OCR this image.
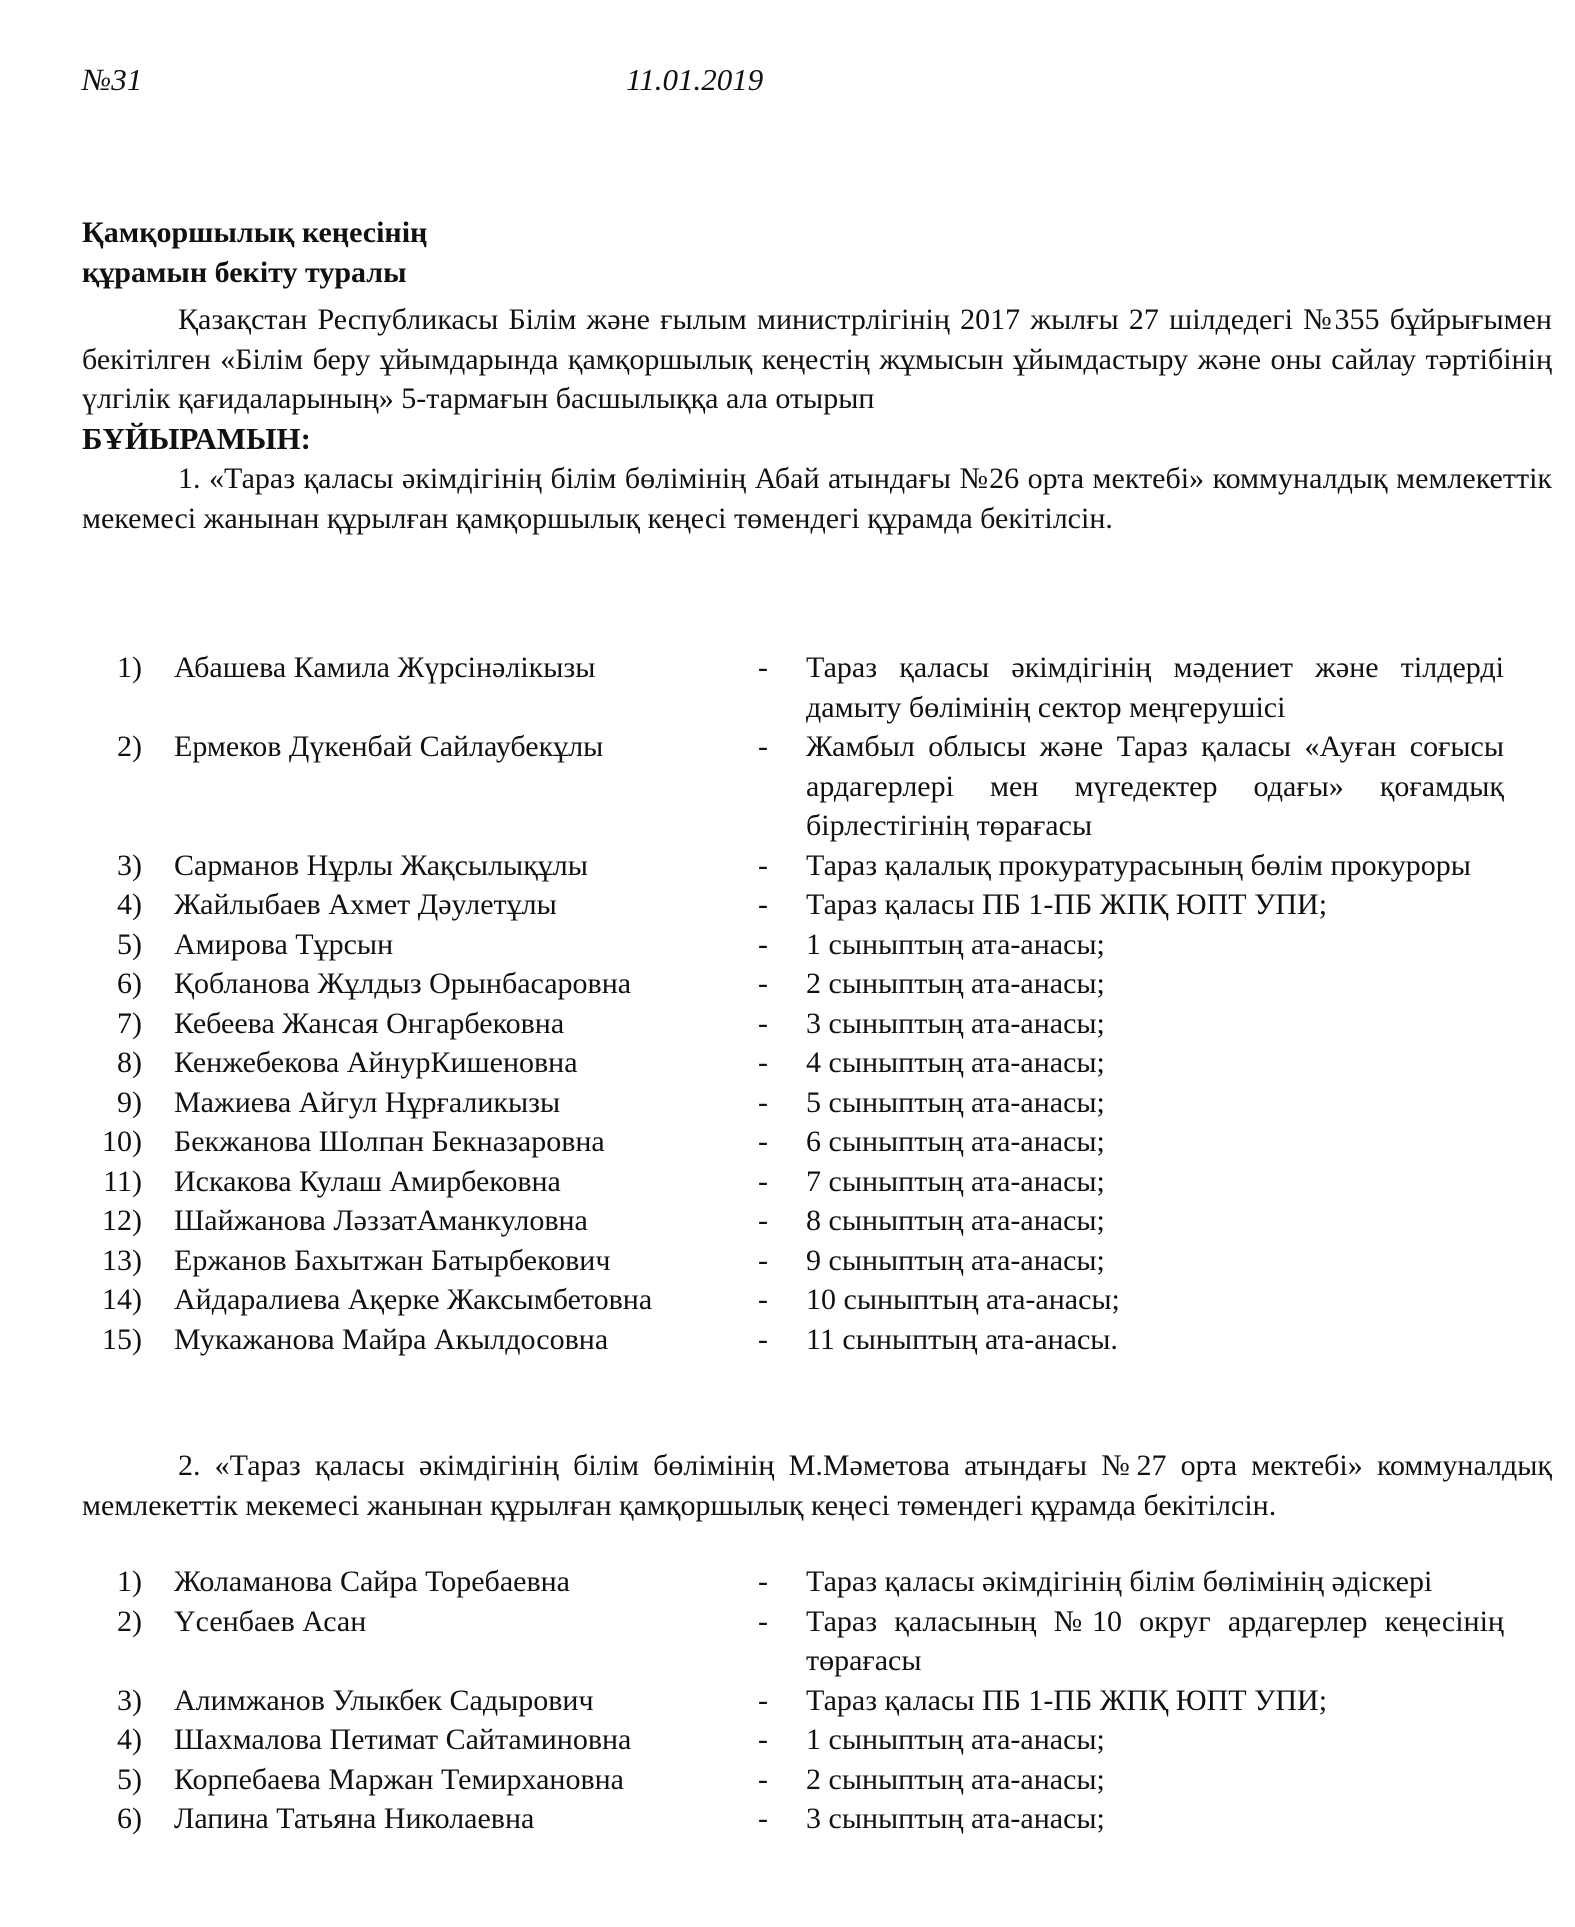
№31	11.01.2019
Қамқоршылық кеңесінің
құрамын бекіту туралы
Қазақстан Республикасы Білім және ғылым министрлігінің 2017 жылғы 27 шілдедегі №355 бұйрығымен бекітілген «Білім беру ұйымдарында қамқоршылық кеңестің жұмысын ұйымдастыру және оны сайлау тәртібінің үлгілік қағидаларының» 5-тармағын басшылыққа ала отырып
БҰЙЫРАМЫН:
1. «Тараз қаласы әкімдігінің білім бөлімінің Абай атындағы №26 орта мектебі» коммуналдық мемлекеттік мекемесі жанынан құрылған қамқоршылық кеңесі төмендегі құрамда бекітілсін.
1)	Абашева Камила Жүрсінәлікызы	-	Тараз қаласы әкімдігінің мәдениет және тілдерді дамыту бөлімінің сектор меңгерушісі
2)	Ермеков Дүкенбай Сайлаубекұлы	-	Жамбыл облысы және Тараз қаласы «Ауған соғысы ардагерлері мен мүгедектер одағы» қоғамдық бірлестігінің төрағасы
3)	Сарманов Нұрлы Жақсылықұлы	-	Тараз қалалық прокуратурасының бөлім прокуроры
4)	Жайлыбаев Ахмет Дәулетұлы	-	Тараз қаласы ПБ 1-ПБ ЖПҚ ЮПТ УПИ;
5)	Амирова Тұрсын	-	1 сыныптың ата-анасы;
6)	Қобланова Жұлдыз Орынбасаровна	-	2 сыныптың ата-анасы;
7)	Кебеева Жансая Онгарбековна	-	3 сыныптың ата-анасы;
8)	Кенжебекова АйнурКишеновна	-	4 сыныптың ата-анасы;
9)	Мажиева Айгул Нұрғаликызы	-	5 сыныптың ата-анасы;
10)	Бекжанова Шолпан Бекназаровна	-	6 сыныптың ата-анасы;
11)	Искакова Кулаш Амирбековна	-	7 сыныптың ата-анасы;
12)	Шайжанова ЛәззатАманкуловна	-	8 сыныптың ата-анасы;
13)	Ержанов Бахытжан Батырбекович	-	9 сыныптың ата-анасы;
14)	Айдаралиева Ақерке Жаксымбетовна	-	10 сыныптың ата-анасы;
15)	Мукажанова Майра Акылдосовна	-	11 сыныптың ата-анасы.
2. «Тараз қаласы әкімдігінің білім бөлімінің М.Мәметова атындағы №27 орта мектебі» коммуналдық мемлекеттік мекемесі жанынан құрылған қамқоршылық кеңесі төмендегі құрамда бекітілсін.
1)	Жоламанова Сайра Торебаевна	-	Тараз қаласы әкімдігінің білім бөлімінің әдіскері
2)	Үсенбаев Асан	-	Тараз қаласының №10 округ ардагерлер кеңесінің төрағасы
3)	Алимжанов Улыкбек Садырович	-	Тараз қаласы ПБ 1-ПБ ЖПҚ ЮПТ УПИ;
4)	Шахмалова Петимат Сайтаминовна	-	1 сыныптың ата-анасы;
5)	Корпебаева Маржан Темирхановна	-	2 сыныптың ата-анасы;
6)	Лапина Татьяна Николаевна	-	3 сыныптың ата-анасы;
